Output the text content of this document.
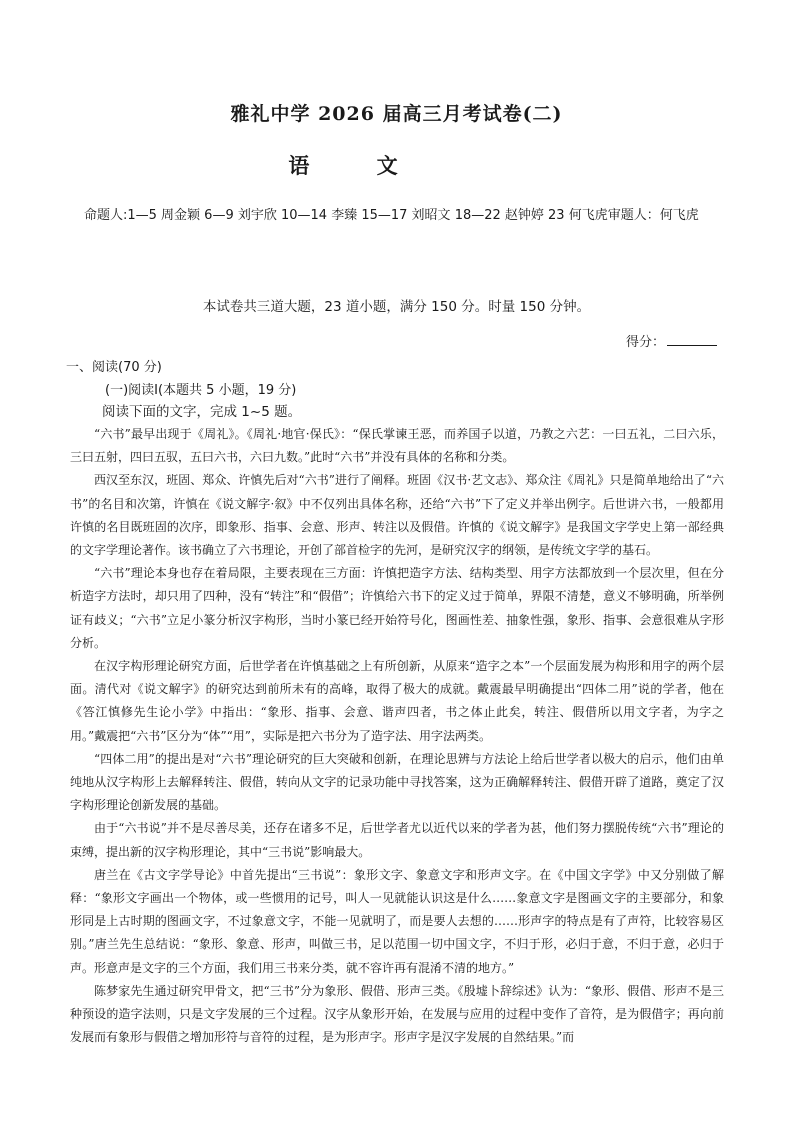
雅礼中学 2026 届高三月考试卷(二)
语 文
命题人:1—5 周金颖 6—9 刘宇欣 10—14 李臻 15—17 刘昭文 18—22 赵钟婷 23 何飞虎审题人：何飞虎
本试卷共三道大题，23 道小题，满分 150 分。时量 150 分钟。
得分：
一、阅读(70 分)
(一)阅读Ⅰ(本题共 5 小题，19 分)
阅读下面的文字，完成 1~5 题。

“六书”最早出现于《周礼》。《周礼·地官·保氏》：“保氏掌谏王恶，而养国子以道，乃教之六艺：一曰五礼，二曰六乐，三曰五射，四曰五驭，五曰六书，六曰九数。”此时“六书”并没有具体的名称和分类。

西汉至东汉，班固、郑众、许慎先后对“六书”进行了阐释。班固《汉书·艺文志》、郑众注《周礼》只是简单地给出了“六书”的名目和次第，许慎在《说文解字·叙》中不仅列出具体名称，还给“六书”下了定义并举出例字。后世讲六书，一般都用许慎的名目既班固的次序，即象形、指事、会意、形声、转注以及假借。许慎的《说文解字》是我国文字学史上第一部经典的文字学理论著作。该书确立了六书理论，开创了部首检字的先河，是研究汉字的纲领，是传统文字学的基石。

“六书”理论本身也存在着局限，主要表现在三方面：许慎把造字方法、结构类型、用字方法都放到一个层次里，但在分析造字方法时，却只用了四种，没有“转注”和“假借”；许慎给六书下的定义过于简单，界限不清楚，意义不够明确，所举例证有歧义；“六书”立足小篆分析汉字构形，当时小篆已经开始符号化，图画性差、抽象性强，象形、指事、会意很难从字形分析。

在汉字构形理论研究方面，后世学者在许慎基础之上有所创新，从原来“造字之本”一个层面发展为构形和用字的两个层面。清代对《说文解字》的研究达到前所未有的高峰，取得了极大的成就。戴震最早明确提出“四体二用”说的学者，他在《答江慎修先生论小学》中指出：“象形、指事、会意、谐声四者，书之体止此矣，转注、假借所以用文字者，为字之用。”戴震把“六书”区分为“体”“用”，实际是把六书分为了造字法、用字法两类。

“四体二用”的提出是对“六书”理论研究的巨大突破和创新，在理论思辨与方法论上给后世学者以极大的启示，他们由单纯地从汉字构形上去解释转注、假借，转向从文字的记录功能中寻找答案，这为正确解释转注、假借开辟了道路，奠定了汉字构形理论创新发展的基础。

由于“六书说”并不是尽善尽美，还存在诸多不足，后世学者尤以近代以来的学者为甚，他们努力摆脱传统“六书”理论的束缚，提出新的汉字构形理论，其中“三书说”影响最大。

唐兰在《古文字学导论》中首先提出“三书说”：象形文字、象意文字和形声文字。在《中国文字学》中又分别做了解释：“象形文字画出一个物体，或一些惯用的记号，叫人一见就能认识这是什么……象意文字是图画文字的主要部分，和象形同是上古时期的图画文字，不过象意文字，不能一见就明了，而是要人去想的……形声字的特点是有了声符，比较容易区别。”唐兰先生总结说：“象形、象意、形声，叫做三书，足以范围一切中国文字，不归于形，必归于意，不归于意，必归于声。形意声是文字的三个方面，我们用三书来分类，就不容许再有混淆不清的地方。”

陈梦家先生通过研究甲骨文，把“三书”分为象形、假借、形声三类。《殷墟卜辞综述》认为：“象形、假借、形声不是三种预设的造字法则，只是文字发展的三个过程。汉字从象形开始，在发展与应用的过程中变作了音符，是为假借字；再向前发展而有象形与假借之增加形符与音符的过程，是为形声字。形声字是汉字发展的自然结果。”而
